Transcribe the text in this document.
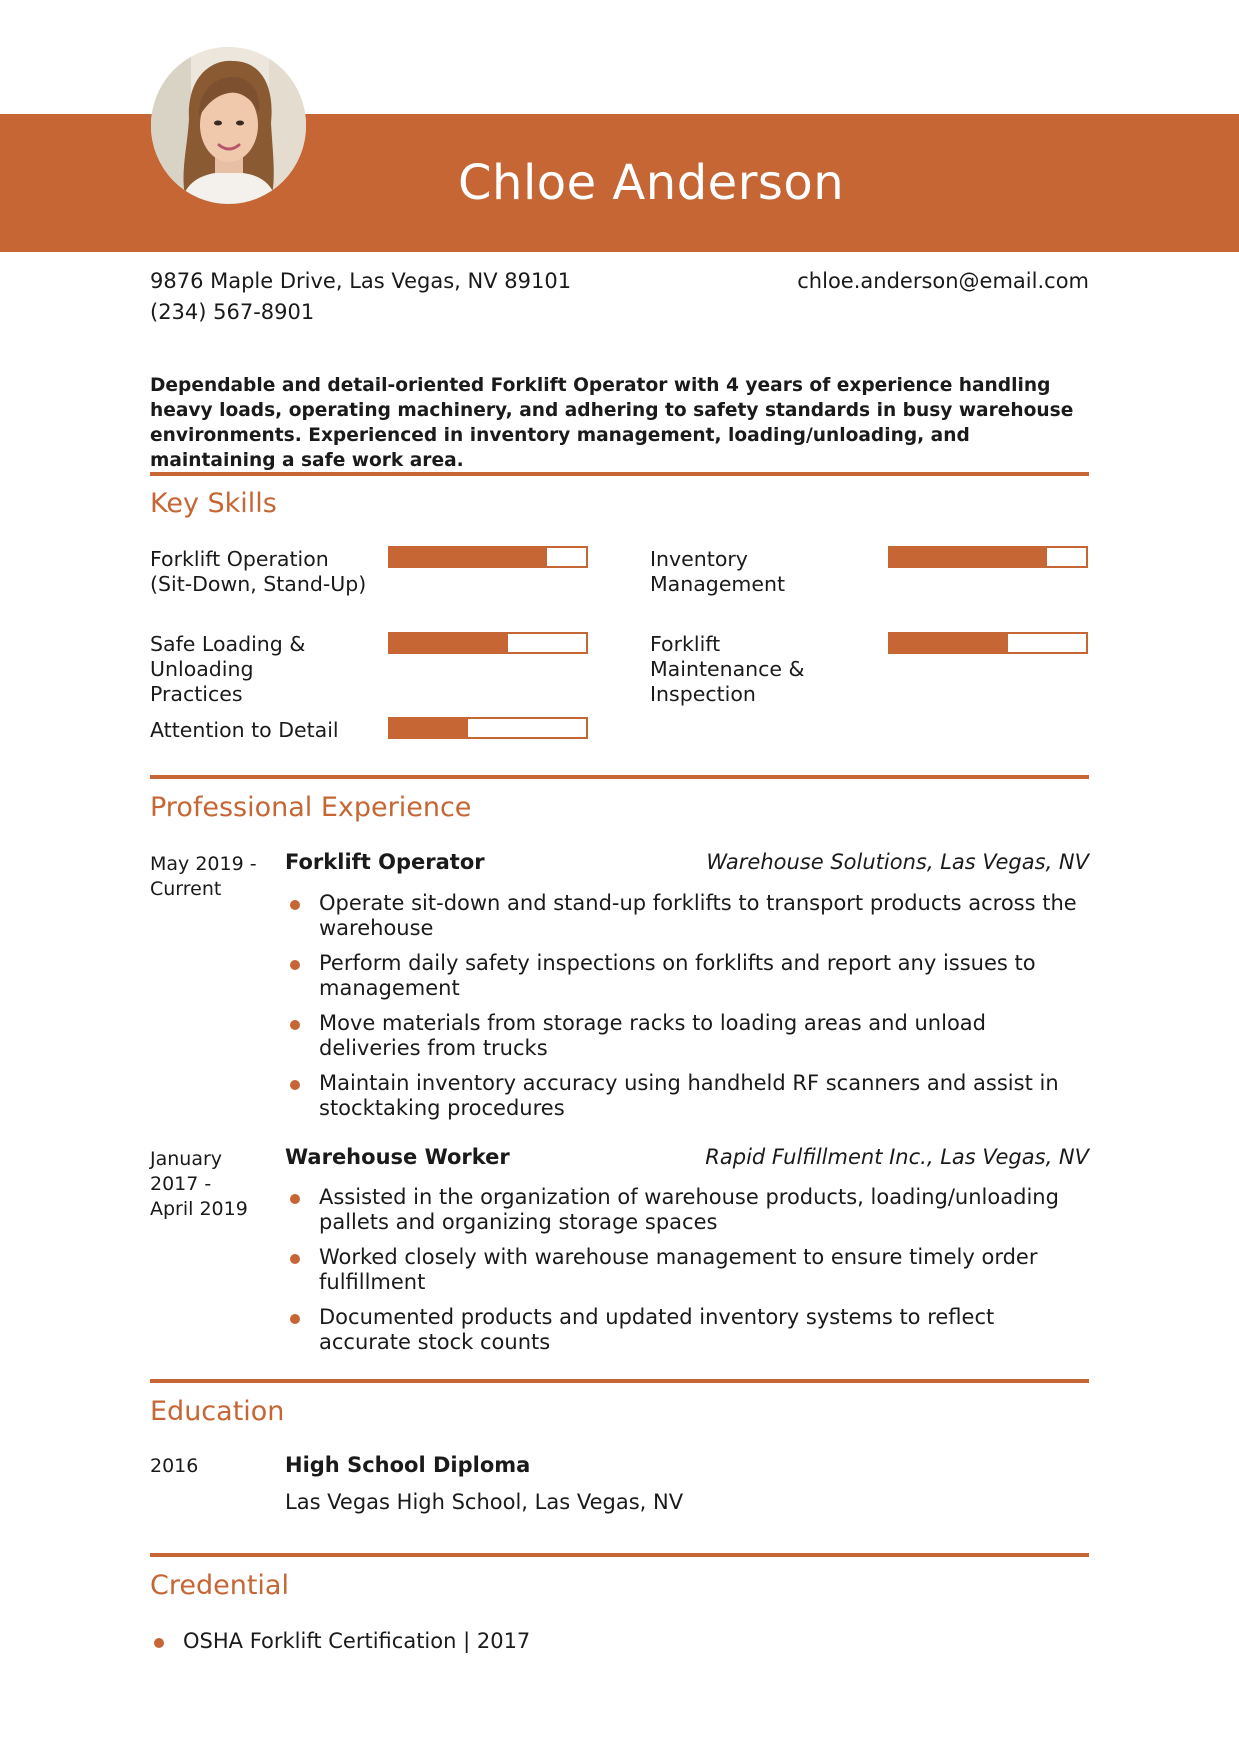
Chloe Anderson
9876 Maple Drive, Las Vegas, NV 89101
(234) 567-8901
chloe.anderson@email.com
Dependable and detail-oriented Forklift Operator with 4 years of experience handling heavy loads, operating machinery, and adhering to safety standards in busy warehouse environments. Experienced in inventory management, loading/unloading, and maintaining a safe work area.
Key Skills
Forklift Operation (Sit-Down, Stand-Up)
Inventory Management
Safe Loading & Unloading Practices
Forklift Maintenance & Inspection
Attention to Detail
Professional Experience
May 2019 - Current
Forklift Operator	Warehouse Solutions, Las Vegas, NV
Operate sit-down and stand-up forklifts to transport products across the warehouse
Perform daily safety inspections on forklifts and report any issues to management
Move materials from storage racks to loading areas and unload deliveries from trucks
Maintain inventory accuracy using handheld RF scanners and assist in stocktaking procedures
January 2017 - April 2019
Warehouse Worker	Rapid Fulfillment Inc., Las Vegas, NV
Assisted in the organization of warehouse products, loading/unloading pallets and organizing storage spaces
Worked closely with warehouse management to ensure timely order fulfillment
Documented products and updated inventory systems to reflect accurate stock counts
Education
2016	High School Diploma
Las Vegas High School, Las Vegas, NV
Credential
OSHA Forklift Certification | 2017
